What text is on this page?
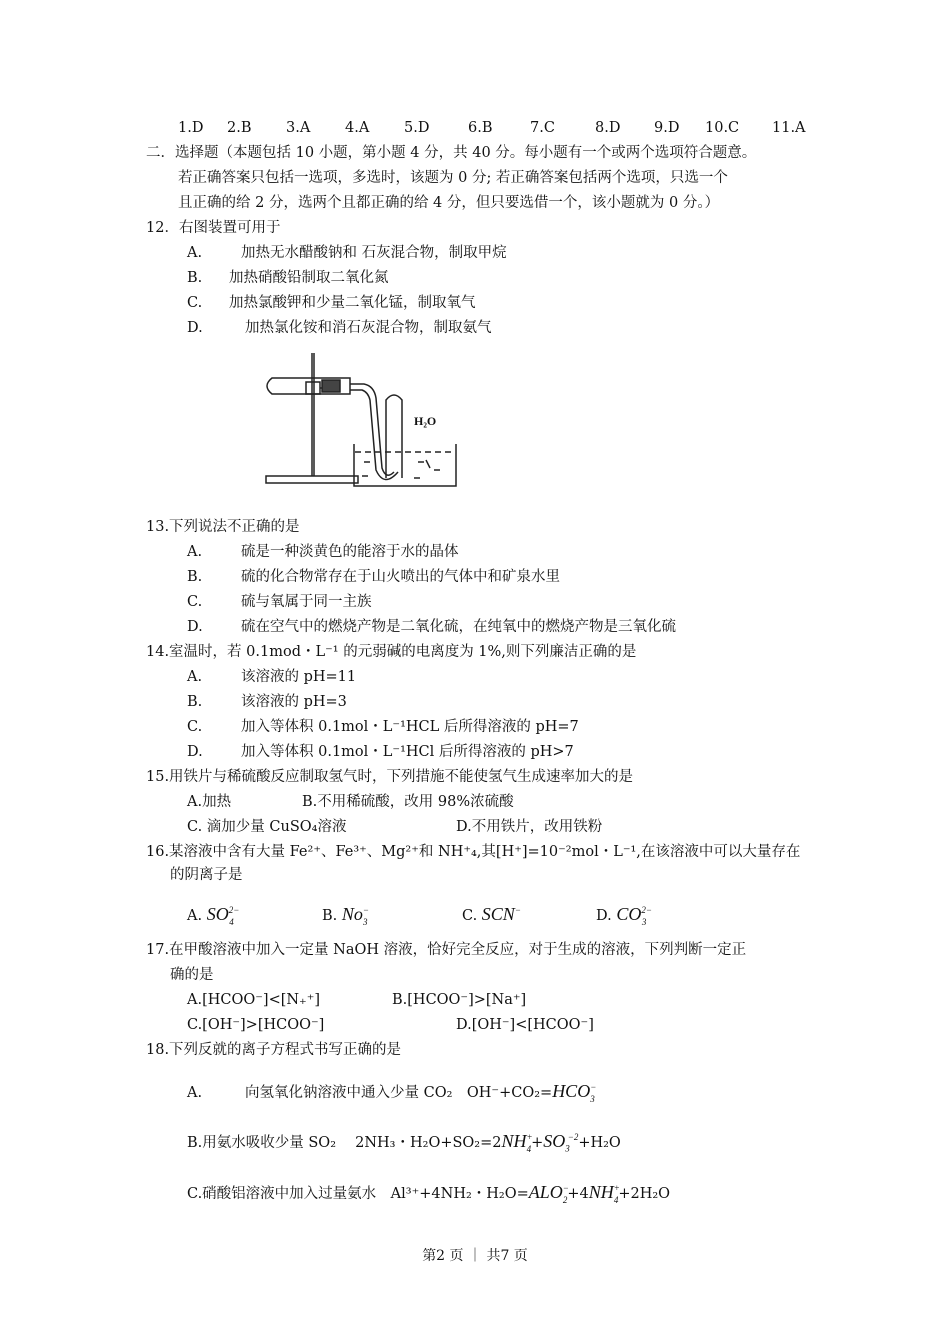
1.D 2.B 3.A 4.A 5.D	6.B	7.C	8.D 9.D 10.C 11.A
二．选择题（本题包括 10 小题，第小题 4 分，共 40 分。每小题有一个或两个选项符合题意。
若正确答案只包括一选项，多选时，该题为 0 分; 若正确答案包括两个选项，只选一个
且正确的给 2 分，选两个且都正确的给 4 分，但只要选借一个，该小题就为 0 分。）
12．右图装置可用于
A.	加热无水醋酸钠和 石灰混合物，制取甲烷
B. 加热硝酸铅制取二氧化氮
C. 加热氯酸钾和少量二氧化锰，制取氧气
D.	加热氯化铵和消石灰混合物，制取氨气
H₂O
13.下列说法不正确的是
A.	硫是一种淡黄色的能溶于水的晶体
B.	硫的化合物常存在于山火喷出的气体中和矿泉水里
C.	硫与氧属于同一主族
D.	硫在空气中的燃烧产物是二氧化硫，在纯氧中的燃烧产物是三氧化硫
14.室温时，若 0.1mod・L⁻¹ 的元弱碱的电离度为 1%,则下列廉洁正确的是
A.	该溶液的 pH=11
B.	该溶液的 pH=3
C.	加入等体积 0.1mol・L⁻¹HCL 后所得溶液的 pH=7
D.	加入等体积 0.1mol・L⁻¹HCl 后所得溶液的 pH>7
15.用铁片与稀硫酸反应制取氢气时，下列措施不能使氢气生成速率加大的是
A.加热	B.不用稀硫酸，改用 98%浓硫酸
C. 滴加少量 CuSO₄溶液	D.不用铁片，改用铁粉
16.某溶液中含有大量 Fe²⁺、Fe³⁺、Mg²⁺和 NH⁺₄,其[H⁺]=10⁻²mol・L⁻¹,在该溶液中可以大量存在
的阴离子是
A. $SO^{2-}_4$	B. $No^-_3$	C. SCN−	D. $CO^{2-}_3$
17.在甲酸溶液中加入一定量 NaOH 溶液，恰好完全反应，对于生成的溶液，下列判断一定正
确的是
A.[HCOO⁻]<[N₊⁺]	B.[HCOO⁻]>[Na⁺]
C.[OH⁻]>[HCOO⁻]	D.[OH⁻]<[HCOO⁻]
18.下列反就的离子方程式书写正确的是
A.	向氢氧化钠溶液中通入少量 CO₂　$OH^-+CO_2=HCO^-_3$
B.用氨水吸收少量 SO₂　 2NH₃・$H_2O+SO_2=2NH^+_4+SO_3^{-2}+H_2O$
C.硝酸铝溶液中加入过量氨水　Al³⁺+4NH₂・$H_2O=ALO^-_2+4NH^+_4+2H_2O$
第2 页 ｜ 共7 页
